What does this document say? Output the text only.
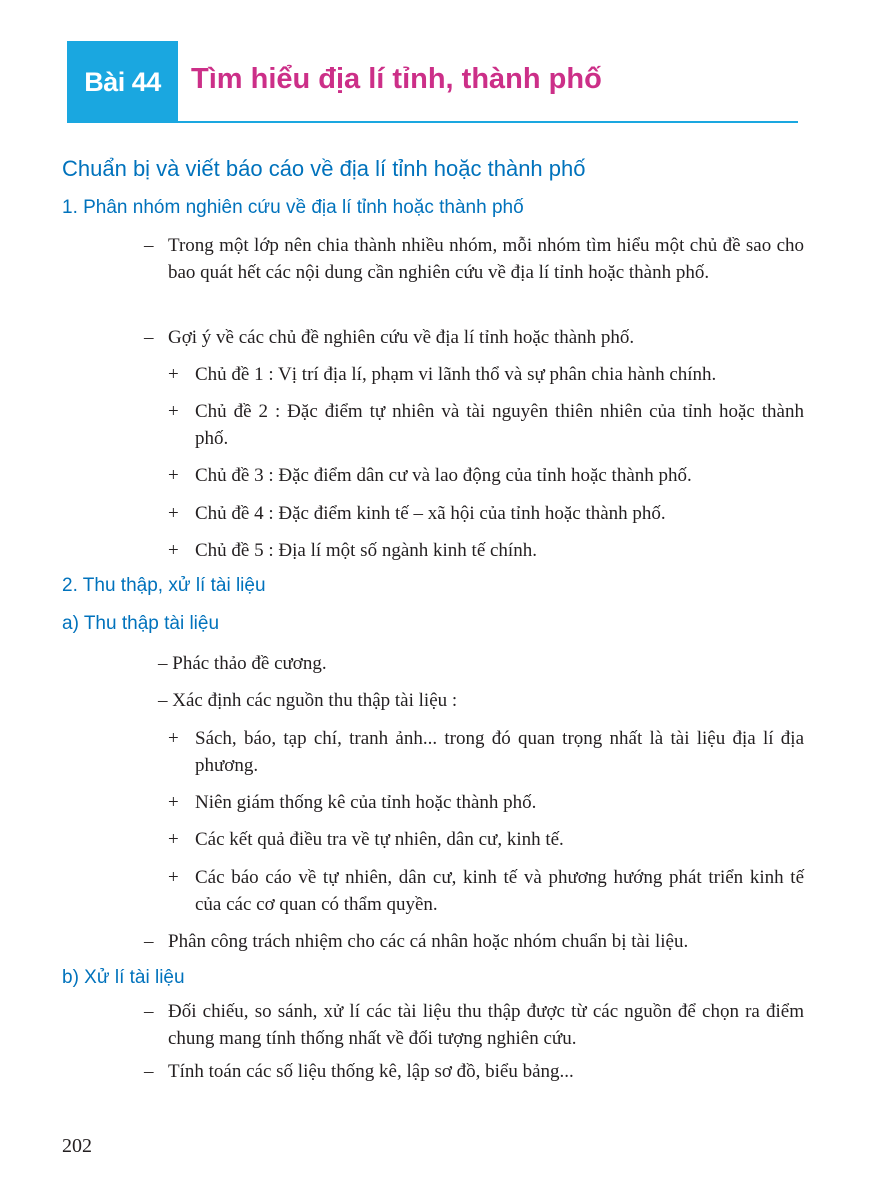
Bài 44	Tìm hiểu địa lí tỉnh, thành phố
Chuẩn bị và viết báo cáo về địa lí tỉnh hoặc thành phố
1. Phân nhóm nghiên cứu về địa lí tỉnh hoặc thành phố
– Trong một lớp nên chia thành nhiều nhóm, mỗi nhóm tìm hiểu một chủ đề sao cho bao quát hết các nội dung cần nghiên cứu về địa lí tỉnh hoặc thành phố.
– Gợi ý về các chủ đề nghiên cứu về địa lí tỉnh hoặc thành phố.
+ Chủ đề 1 : Vị trí địa lí, phạm vi lãnh thổ và sự phân chia hành chính.
+ Chủ đề 2 : Đặc điểm tự nhiên và tài nguyên thiên nhiên của tỉnh hoặc thành phố.
+ Chủ đề 3 : Đặc điểm dân cư và lao động của tỉnh hoặc thành phố.
+ Chủ đề 4 : Đặc điểm kinh tế – xã hội của tỉnh hoặc thành phố.
+ Chủ đề 5 : Địa lí một số ngành kinh tế chính.
2. Thu thập, xử lí tài liệu
a) Thu thập tài liệu
– Phác thảo đề cương.
– Xác định các nguồn thu thập tài liệu :
+ Sách, báo, tạp chí, tranh ảnh... trong đó quan trọng nhất là tài liệu địa lí địa phương.
+ Niên giám thống kê của tỉnh hoặc thành phố.
+ Các kết quả điều tra về tự nhiên, dân cư, kinh tế.
+ Các báo cáo về tự nhiên, dân cư, kinh tế và phương hướng phát triển kinh tế của các cơ quan có thẩm quyền.
– Phân công trách nhiệm cho các cá nhân hoặc nhóm chuẩn bị tài liệu.
b) Xử lí tài liệu
– Đối chiếu, so sánh, xử lí các tài liệu thu thập được từ các nguồn để chọn ra điểm chung mang tính thống nhất về đối tượng nghiên cứu.
– Tính toán các số liệu thống kê, lập sơ đồ, biểu bảng...
202
